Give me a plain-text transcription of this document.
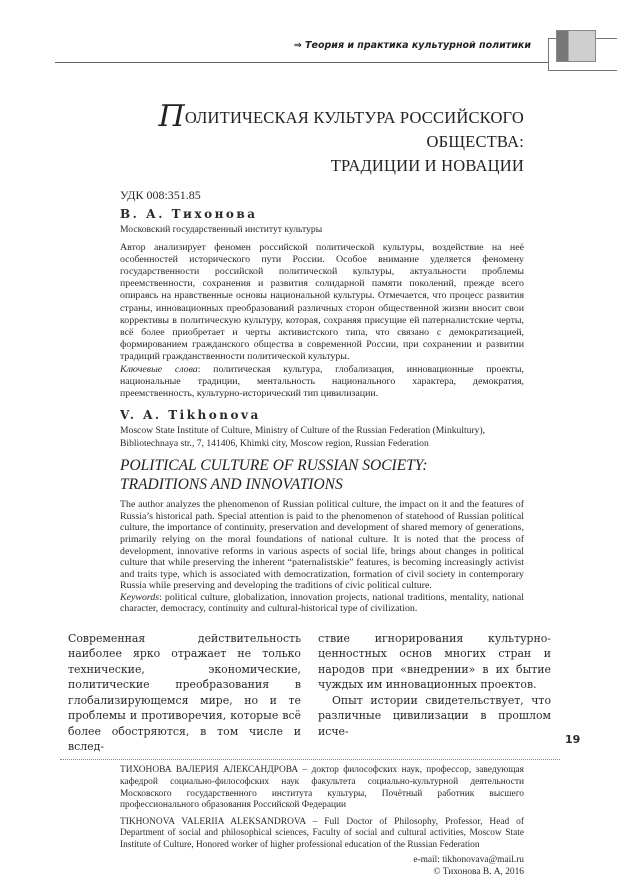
⇒ Теория и практика культурной политики
19
ПОЛИТИЧЕСКАЯ КУЛЬТУРА РОССИЙСКОГО ОБЩЕСТВА:
ТРАДИЦИИ И НОВАЦИИ
УДК 008:351.85
В. А. Тихонова
Московский государственный институт культуры

Автор анализирует феномен российской политической культуры, воздействие на неё особенностей исторического пути России. Особое внимание уделяется феномену государственности российской политической культуры, актуальности проблемы преемственности, сохранения и развития солидарной памяти поколений, прежде всего опираясь на нравственные основы национальной культуры. Отмечается, что процесс развития страны, инновационных преобразований различных сторон общественной жизни вносит свои коррективы в политическую культуру, которая, сохраняя присущие ей патерналистские черты, всё более приобретает и черты активистского типа, что связано с демократизацией, формированием гражданского общества в современной России, при сохранении и развитии традиций гражданственности политической культуры.

Ключевые слова: политическая культура, глобализация, инновационные проекты, национальные традиции, ментальность национального характера, демократия, преемственность, культурно-исторический тип цивилизации.

V. A. Tikhonova
Moscow State Institute of Culture, Ministry of Culture of the Russian Federation (Minkultury),
Bibliotechnaya str., 7, 141406, Khimki city, Moscow region, Russian Federation
POLITICAL CULTURE OF RUSSIAN SOCIETY:
TRADITIONS AND INNOVATIONS

The author analyzes the phenomenon of Russian political culture, the impact on it and the features of Russia’s historical path. Special attention is paid to the phenomenon of statehood of Russian political culture, the importance of continuity, preservation and development of shared memory of generations, primarily relying on the moral foundations of national culture. It is noted that the process of development, innovative reforms in various aspects of social life, brings about changes in political culture that while preserving the inherent “paternalistskie” features, is becoming increasingly activist and traits type, which is associated with democratization, formation of civil society in contemporary Russia while preserving and developing the traditions of civic political culture.

Keywords: political culture, globalization, innovation projects, national traditions, mentality, national character, democracy, continuity and cultural-historical type of civilization.

Современная действительность наиболее ярко отражает не только технические, экономические, политические преобразования в глобализирующемся мире, но и те проблемы и противоречия, которые всё более обостряются, в том числе и вслед-

ствие игнорирования культурно-ценностных основ многих стран и народов при «внедрении» в их бытие чуждых им инновационных проектов.

Опыт истории свидетельствует, что различные цивилизации в прошлом исче-

ТИХОНОВА ВАЛЕРИЯ АЛЕКСАНДРОВА – доктор философских наук, профессор, заведующая кафедрой социально-философских наук факультета социально-культурной деятельности Московского государственного института культуры, Почётный работник высшего профессионального образования Российской Федерации
TIKHONOVA VALERIIA ALEKSANDROVA – Full Doctor of Philosophy, Professor, Head of Department of social and philosophical sciences, Faculty of social and cultural activities, Moscow State Institute of Culture, Honored worker of higher professional education of the Russian Federation
e-mail: tikhonovava@mail.ru
© Тихонова В. А, 2016
